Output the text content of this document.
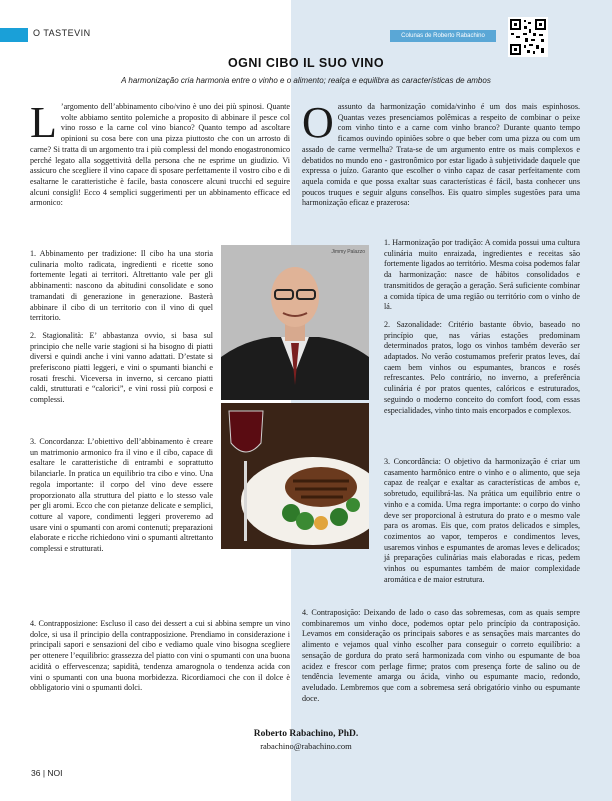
O TASTEVIN	Colunas de Roberto Rabachino
OGNI CIBO IL SUO VINO
A harmonização cria harmonia entre o vinho e o alimento; realça e equilibra as características de ambos

L ’argomento dell’abbinamento cibo/vino è uno dei più spinosi. Quante volte abbiamo sentito polemiche a proposito di abbinare il pesce col vino rosso e la carne col vino bianco? Quanto tempo ad ascoltare opinioni su cosa bere con una pizza piuttosto che con un arrosto di carne? Si tratta di un argomento tra i più complessi del mondo enogastronomico perché legato alla soggettività della persona che ne esprime un giudizio. Vi assicuro che scegliere il vino capace di sposare perfettamente il vostro cibo e di esaltarne le caratteristiche è facile, basta conoscere alcuni trucchi ed seguire alcuni consigli! Ecco 4 semplici suggerimenti per un abbinamento efficace ed armonico:

1. Abbinamento per tradizione: Il cibo ha una storia culinaria molto radicata, ingredienti e ricette sono fortemente legati ai territori. Altrettanto vale per gli abbinamenti: nascono da abitudini consolidate e sono tramandati di generazione in generazione. Basterà abbinare il cibo di un territorio con il vino di quel territorio.

2. Stagionalità: E’ abbastanza ovvio, si basa sul principio che nelle varie stagioni si ha bisogno di piatti diversi e quindi anche i vini vanno adattati. D’estate si preferiscono piatti leggeri, e vini o spumanti bianchi e rosati freschi. Viceversa in inverno, si cercano piatti caldi, strutturati e “calorici”, e vini rossi più corposi e complessi.

3. Concordanza: L’obiettivo dell’abbinamento è creare un matrimonio armonico fra il vino e il cibo, capace di esaltare le caratteristiche di entrambi e soprattutto bilanciarle. In pratica un equilibrio tra cibo e vino. Una regola importante: il corpo del vino deve essere proporzionato alla struttura del piatto e lo stesso vale per gli aromi. Ecco che con pietanze delicate e semplici, cotture al vapore, condimenti leggeri proveremo ad usare vini o spumanti con aromi contenuti; preparazioni elaborate e ricche richiedono vini o spumanti altrettanto complessi e strutturati.
4. Contrapposizione: Escluso il caso dei dessert a cui si abbina sempre un vino dolce, si usa il principio della contrapposizione. Prendiamo in considerazione i principali sapori e sensazioni del cibo e vediamo quale vino bisogna scegliere per ottenere l’equilibrio: grassezza del piatto con vini o spumanti con una buona acidità o effervescenza; sapidità, tendenza amarognola o tendenza acida con vini o spumanti con una buona morbidezza. Ricordiamoci che con il dolce è obbligatorio vini o spumanti dolci.
Jimmy Palazzo

Oassunto da harmonização comida/vinho é um dos mais espinhosos. Quantas vezes presenciamos polêmicas a respeito de combinar o peixe com vinho tinto e a carne com vinho branco? Durante quanto tempo ficamos ouvindo opiniões sobre o que beber com uma pizza ou com um assado de carne vermelha? Trata-se de um argumento entre os mais complexos e debatidos no mundo eno - gastronômico por estar ligado à subjetividade daquele que expressa o juízo. Garanto que escolher o vinho capaz de casar perfeitamente com aquela comida e que possa exaltar suas características é fácil, basta conhecer uns poucos truques e seguir alguns conselhos. Eis quatro simples sugestões para uma harmonização eficaz e prazerosa:

1. Harmonização por tradição: A comida possui uma cultura culinária muito enraizada, ingredientes e receitas são fortemente ligados ao território. Mesma coisa podemos falar da harmonização: nasce de hábitos consolidados e transmitidos de geração a geração. Será suficiente combinar a comida típica de uma região ou território com o vinho de lá.

2. Sazonalidade: Critério bastante óbvio, baseado no princípio que, nas várias estações predominam determinados pratos, logo os vinhos também deverão ser adaptados. No verão costumamos preferir pratos leves, daí caem bem vinhos ou espumantes, brancos e rosés refrescantes. Pelo contrário, no inverno, a preferência culinária é por pratos quentes, calóricos e estruturados, seguindo o moderno conceito do comfort food, com essas especialidades, vinho tinto mais encorpados e complexos.

3. Concordância: O objetivo da harmonização é criar um casamento harmônico entre o vinho e o alimento, que seja capaz de realçar e exaltar as características de ambos e, sobretudo, equilibrá-las. Na prática um equilíbrio entre o vinho e a comida. Uma regra importante: o corpo do vinho deve ser proporcional à estrutura do prato e o mesmo vale para os aromas. Eis que, com pratos delicados e simples, cozimentos ao vapor, temperos e condimentos leves, usaremos vinhos e espumantes de aromas leves e delicados; já preparações culinárias mais elaboradas e ricas, pedem vinhos ou espumantes também de maior complexidade aromática e de maior estrutura.
4. Contraposição: Deixando de lado o caso das sobremesas, com as quais sempre combinaremos um vinho doce, podemos optar pelo princípio da contraposição. Levamos em consideração os principais sabores e as sensações mais marcantes do alimento e vejamos qual vinho escolher para conseguir o correto equilíbrio: a sensação de gordura do prato será harmonizada com vinho ou espumante de boa acidez e frescor com perlage firme; pratos com presença forte de salino ou de tendência levemente amarga ou ácida, vinho ou espumante macio, redondo, aveludado. Lembremos que com a sobremesa será obrigatório vinho ou espumante doce.
Roberto Rabachino, PhD.
rabachino@rabachino.com
36 | NOI
